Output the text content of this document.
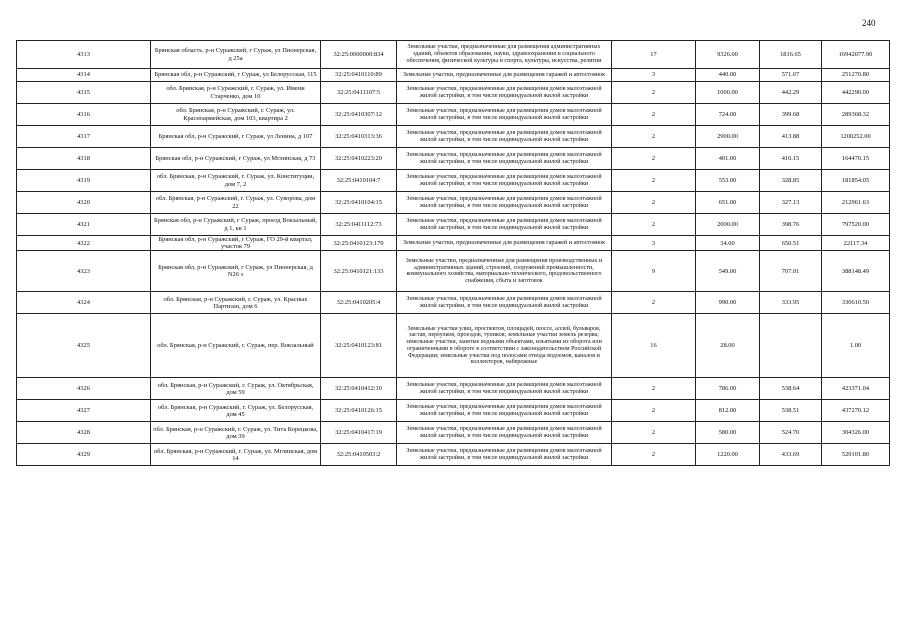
240
4313	Брянская область, р-н Суражский, г Сураж, ул Пионерская, д 25а	32:25:0000000:834	Земельные участки, предназначенные для размещения административных зданий, объектов образования, науки, здравоохранения и социального обеспечения, физической культуры и спорта, культуры, искусства, религии	17	9326.00	1816.65	16942077.90
4314	Брянская обл, р-н Суражский, г Сураж, ул Белорусская, 115	32:25:0410110:89	Земельные участки, предназначенные для размещения гаражей и автостоянок	3	440.00	571.07	251270.80
4315	обл. Брянская, р-н Суражский, г. Сураж, ул. Имени Старченко, дом 10	32:25:0411107:5	Земельные участки, предназначенные для размещения домов малоэтажной жилой застройки, в том числе индивидуальной жилой застройки	2	1000.00	442.29	442290.00
4316	обл. Брянская, р-н Суражский, г. Сураж, ул. Красноармейская, дом 103, квартира 2	32:25:0410307:12	Земельные участки, предназначенные для размещения домов малоэтажной жилой застройки, в том числе индивидуальной жилой застройки	2	724.00	399.68	289368.32
4317	Брянская обл, р-н Суражский, г Сураж, ул Ленина, д 107	32:25:0410313:36	Земельные участки, предназначенные для размещения домов малоэтажной жилой застройки, в том числе индивидуальной жилой застройки	2	2900.00	413.88	1200252.00
4318	Брянская обл, р-н Суражский, г Сураж, ул Мглинская, д 73	32:25:0410223:20	Земельные участки, предназначенные для размещения домов малоэтажной жилой застройки, в том числе индивидуальной жилой застройки	2	401.00	410.15	164470.15
4319	обл. Брянская, р-н Суражский, г. Сураж, ул. Конституции, дом 7, 2	32:25:0410104:7	Земельные участки, предназначенные для размещения домов малоэтажной жилой застройки, в том числе индивидуальной жилой застройки	2	553.00	328.85	181854.05
4320	обл. Брянская, р-н Суражский, г. Сураж, ул. Суворова, дом 22	32:25:0410104:15	Земельные участки, предназначенные для размещения домов малоэтажной жилой застройки, в том числе индивидуальной жилой застройки	2	651.00	327.13	212961.63
4321	Брянская обл, р-н Суражский, г Сураж, проезд Вокзальный, д 1, кв 1	32:25:0411112:73	Земельные участки, предназначенные для размещения домов малоэтажной жилой застройки, в том числе индивидуальной жилой застройки	2	2000.00	398.76	797520.00
4322	Брянская обл, р-н Суражский, г Сураж, ГО 29-й квартал, участок 79	32:25:0410123:170	Земельные участки, предназначенные для размещения гаражей и автостоянок	3	34.00	650.51	22117.34
4323	Брянская обл, р-н Суражский, г Сураж, ул Пионерская, д N26 з	32:25:0410121:133	Земельные участки, предназначенные для размещения производственных и административных зданий, строений, сооружений промышленности, коммунального хозяйства, материально-технического, продовольственного снабжения, сбыта и заготовок	9	549.00	707.01	388148.49
4324	обл. Брянская, р-н Суражский, г. Сураж, ул. Красных Партизан, дом 6	32:25:0410205:4	Земельные участки, предназначенные для размещения домов малоэтажной жилой застройки, в том числе индивидуальной жилой застройки	2	990.00	333.95	330610.50
4325	обл. Брянская, р-н Суражский, г. Сураж, пер. Вокзальный	32:25:0410123:81	Земельные участки улиц, проспектов, площадей, шоссе, аллей, бульваров, застав, переулков, проездов, тупиков; земельные участки земель резерва; земельные участки, занятые водными объектами, изъятыми из оборота или ограниченными в обороте в соответствии с законодательством Российской Федерации; земельные участки под полосами отвода водоемов, каналов и коллекторов, набережные	16	28.00		1.00
4326	обл. Брянская, р-н Суражский, г. Сураж, ул. Октябрьская, дом 59	32:25:0410412:10	Земельные участки, предназначенные для размещения домов малоэтажной жилой застройки, в том числе индивидуальной жилой застройки	2	786.00	538.64	423371.04
4327	обл. Брянская, р-н Суражский, г. Сураж, ул. Белорусская, дом 45	32:25:0410126:15	Земельные участки, предназначенные для размещения домов малоэтажной жилой застройки, в том числе индивидуальной жилой застройки	2	812.00	538.51	437270.12
4328	обл. Брянская, р-н Суражский, г. Сураж, ул. Тита Корецкова, дом 39	32:25:0410417:19	Земельные участки, предназначенные для размещения домов малоэтажной жилой застройки, в том числе индивидуальной жилой застройки	2	580.00	524.70	304326.00
4329	обл. Брянская, р-н Суражский, г. Сураж, ул. Мглинская, дом 14	32:25:0410503:2	Земельные участки, предназначенные для размещения домов малоэтажной жилой застройки, в том числе индивидуальной жилой застройки	2	1220.00	433.69	529101.80
